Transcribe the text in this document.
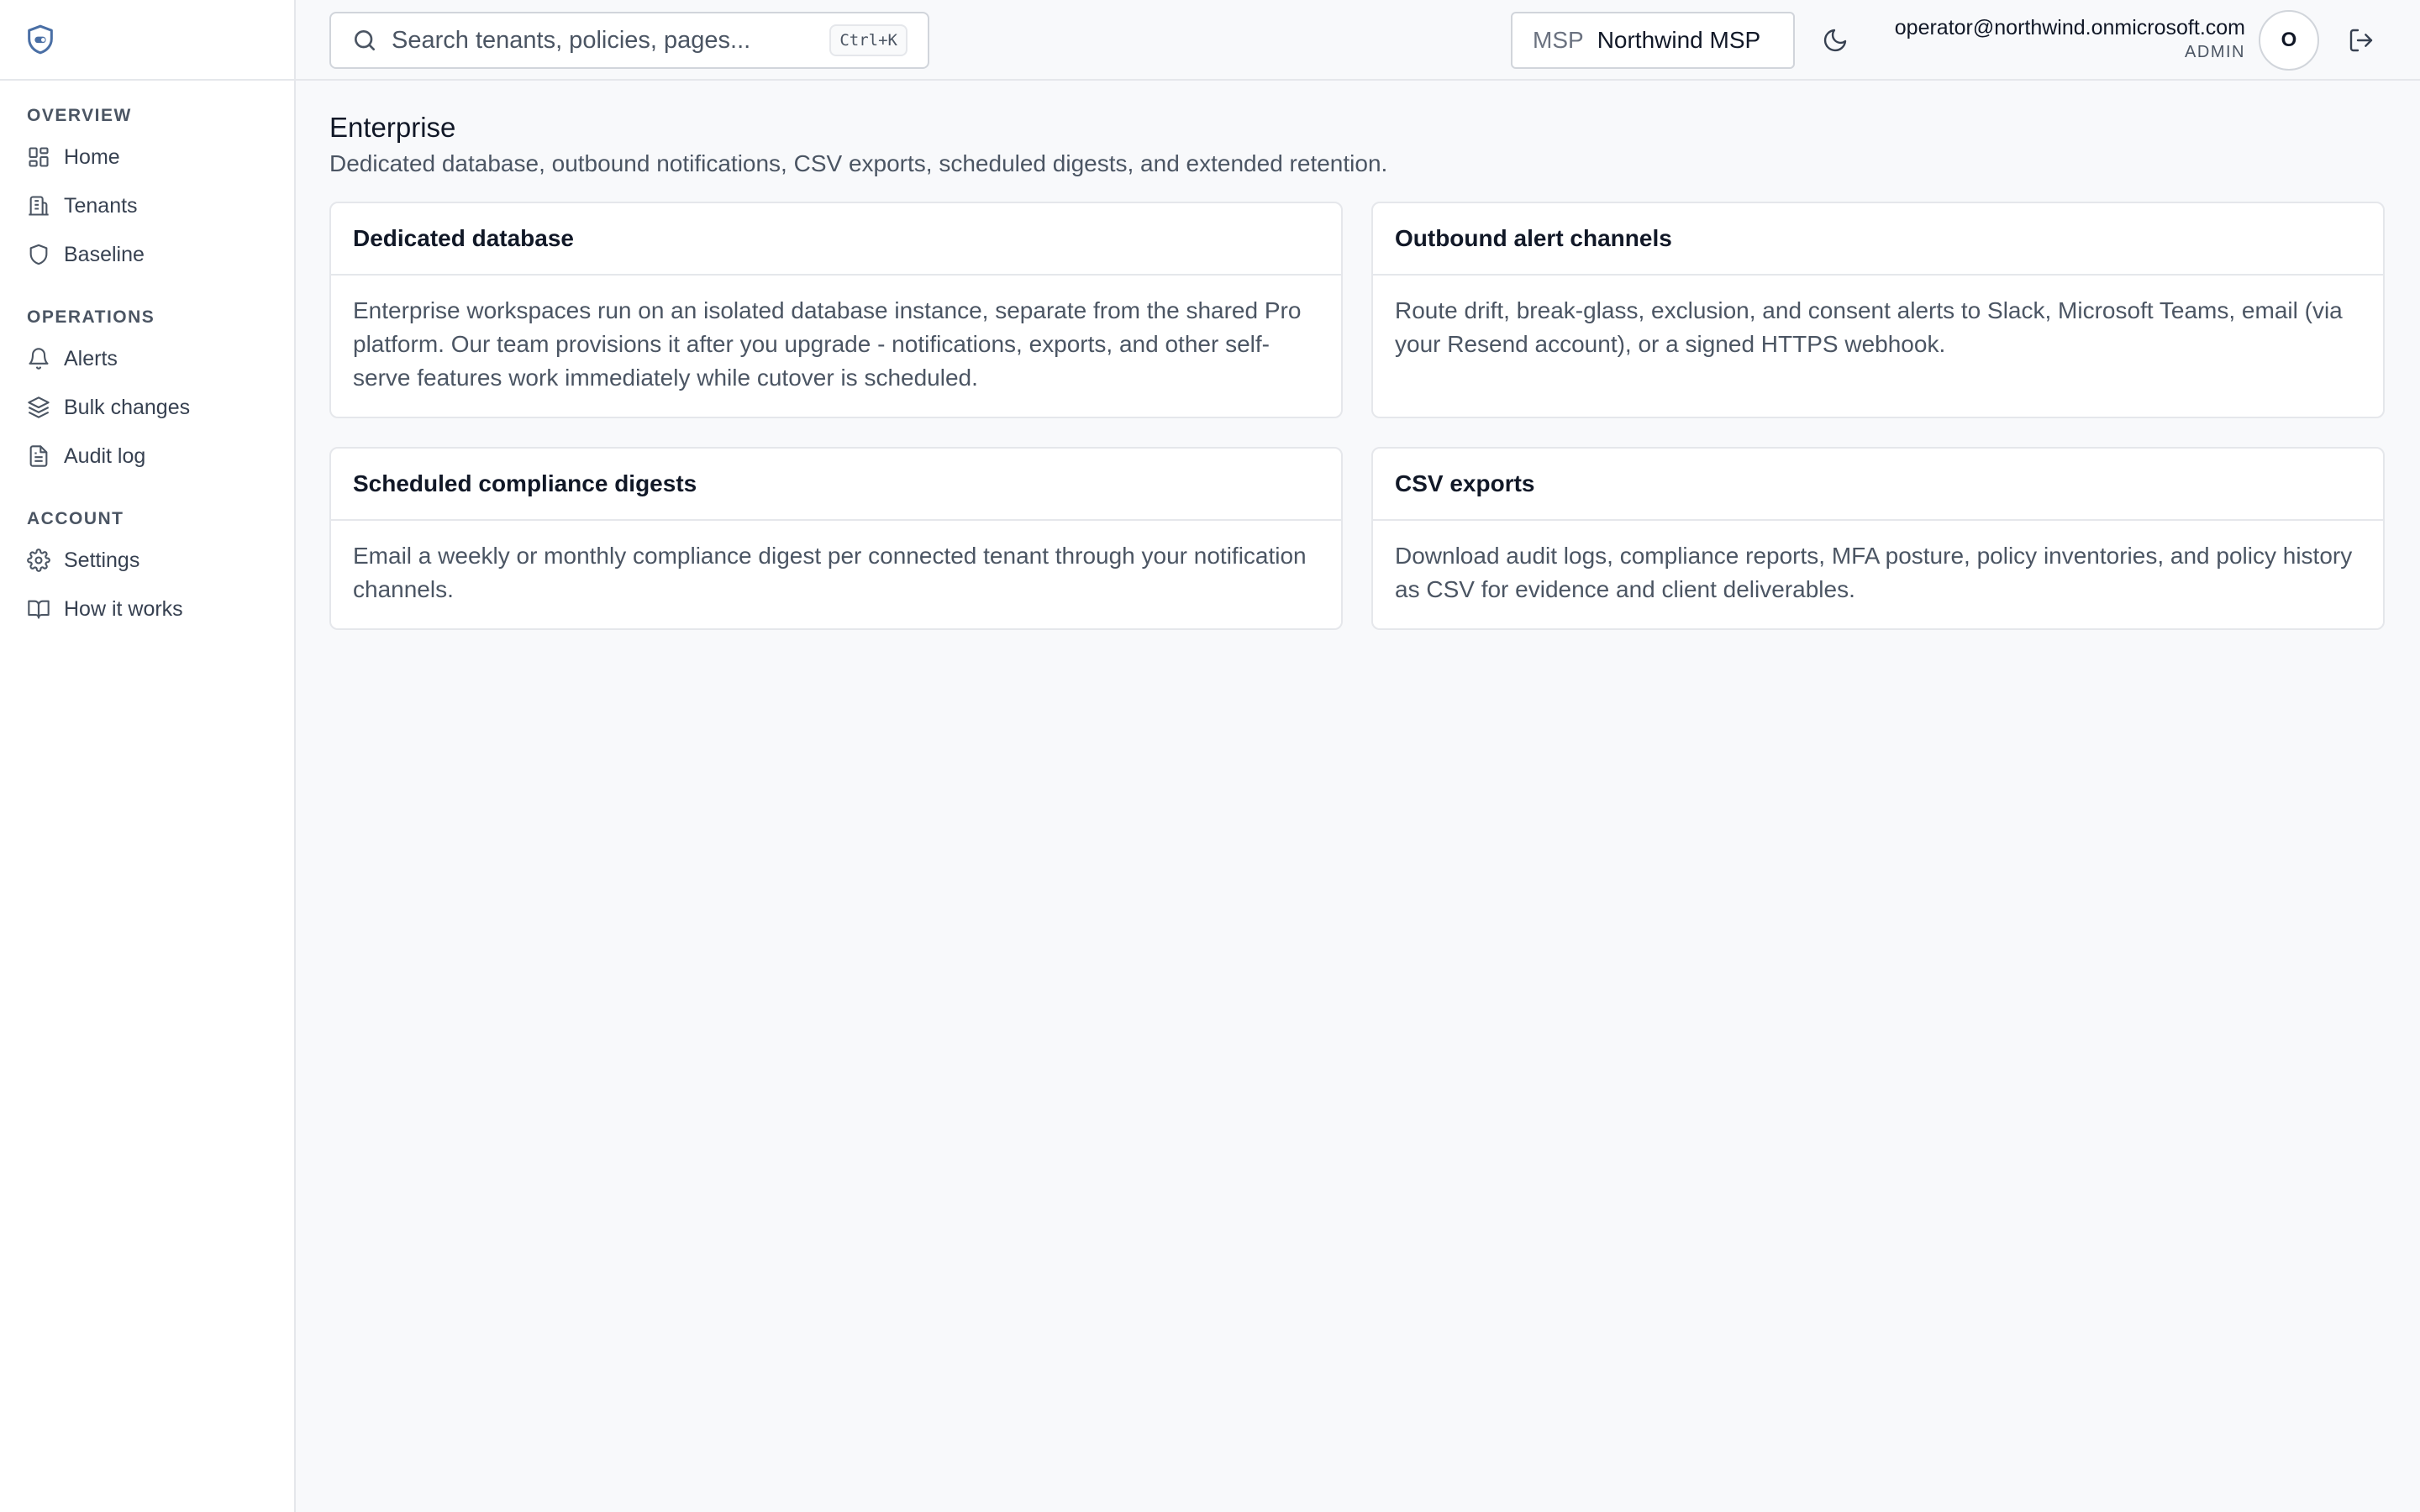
OVERVIEW
Home
Tenants
Baseline
OPERATIONS
Alerts
Bulk changes
Audit log
ACCOUNT
Settings
How it works
Search tenants, policies, pages...
Ctrl+K	MSP Northwind MSP	operator@northwind.onmicrosoft.com
ADMIN
O
Enterprise

Dedicated database, outbound notifications, CSV exports, scheduled digests, and extended retention.

Dedicated database
Enterprise workspaces run on an isolated database instance, separate from the shared Pro platform. Our team provisions it after you upgrade - notifications, exports, and other self-serve features work immediately while cutover is scheduled.
Outbound alert channels
Route drift, break-glass, exclusion, and consent alerts to Slack, Microsoft Teams, email (via your Resend account), or a signed HTTPS webhook.
Scheduled compliance digests
Email a weekly or monthly compliance digest per connected tenant through your notification channels.
CSV exports
Download audit logs, compliance reports, MFA posture, policy inventories, and policy history as CSV for evidence and client deliverables.
